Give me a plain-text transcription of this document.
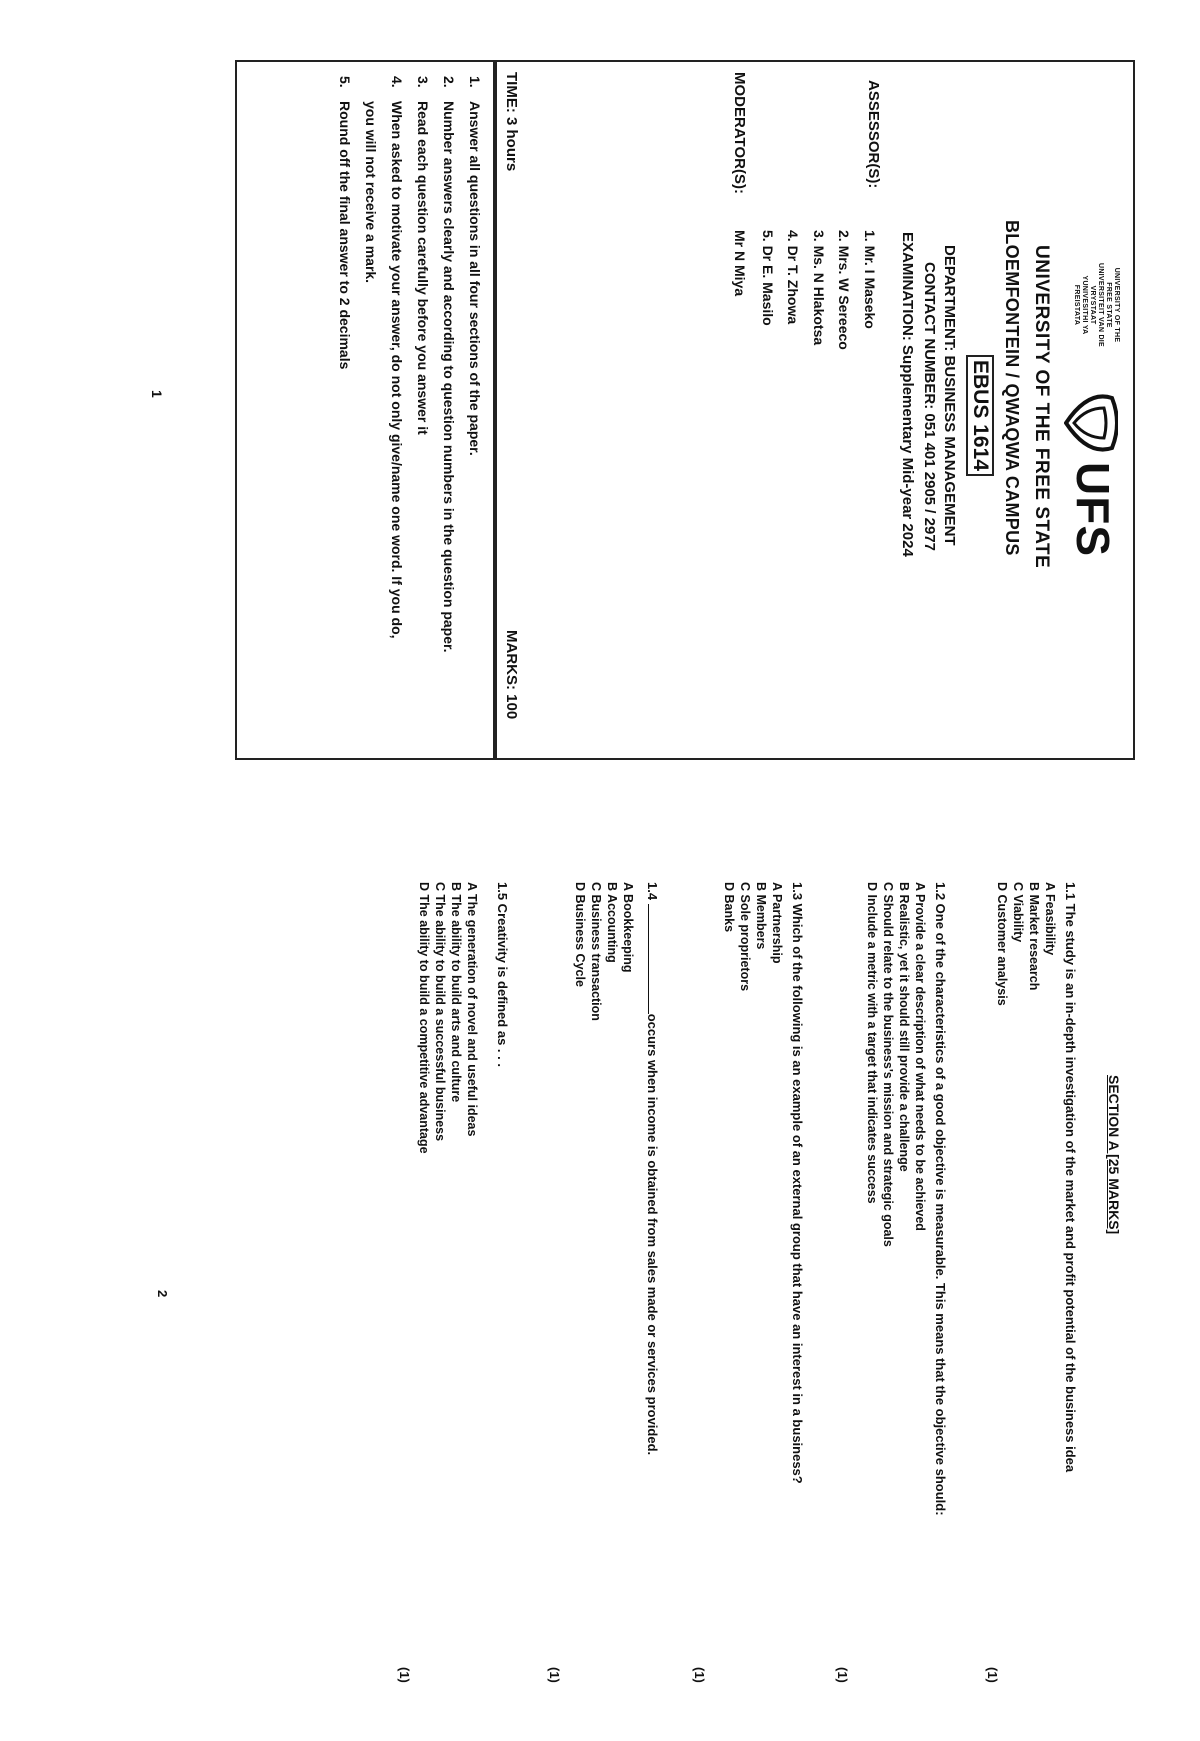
UNIVERSITY OF THE
FREE STATE
UNIVERSITEIT VAN DIE
VRYSTAAT
YUNIVESITHI YA
FREISTATA
UFS
UNIVERSITY OF THE FREE STATE
BLOEMFONTEIN / QWAQWA CAMPUS
EBUS 1614
DEPARTMENT: BUSINESS MANAGEMENT
CONTACT NUMBER: 051 401 2905 / 2977
EXAMINATION: Supplementary Mid-year 2024
ASSESSOR(S):
1. Mr. I Maseko
2. Mrs. W Sereeco
3. Ms. N Hlakotsa
4. Dr T. Zhowa
5. Dr E. Masilo
MODERATOR(S):
Mr N Miya
TIME: 3 hours
MARKS: 100
1.
Answer all questions in all four sections of the paper.
2.
Number answers clearly and according to question numbers in the question paper.
3.
Read each question carefully before you answer it
4.
When asked to motivate your answer, do not only give/name one word. If you do,
you will not receive a mark.
5.
Round off the final answer to 2 decimals
1
SECTION A [25 MARKS]
1.1 The study is an in-depth investigation of the market and profit potential of the business idea
A Feasibility
B Market research
C Viability
D Customer analysis
(1)
1.2 One of the characteristics of a good objective is measurable. This means that the objective should:
A Provide a clear description of what needs to be achieved
B Realistic, yet it should still provide a challenge
C Should relate to the business's mission and strategic goals
D Include a metric with a target that indicates success
(1)
1.3 Which of the following is an example of an external group that have an interest in a business?
A Partnership
B Members
C Sole proprietors
D Banks
(1)
1.4 occurs when income is obtained from sales made or services provided.
A Bookkeeping
B Accounting
C Business transaction
D Business Cycle
(1)
1.5 Creativity is defined as . . .
A The generation of novel and useful ideas
B The ability to build arts and culture
C The ability to build a successful business
D The ability to build a competitive advantage
(1)
2
